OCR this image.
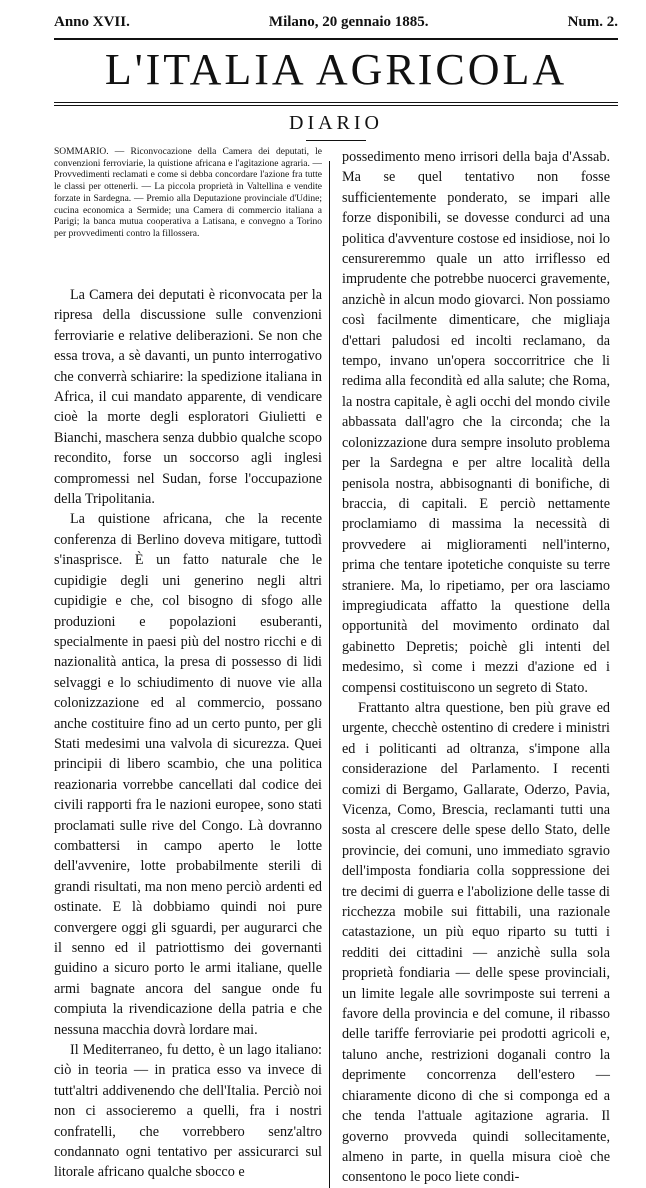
Anno XVII.	Milano, 20 gennaio 1885.	Num. 2.
L'ITALIA AGRICOLA
DIARIO

SOMMARIO. — Riconvocazione della Camera dei deputati, le convenzioni ferroviarie, la quistione africana e l'agitazione agraria. — Provvedimenti reclamati e come si debba concordare l'azione fra tutte le classi per ottenerli. — La piccola proprietà in Valtellina e vendite forzate in Sardegna. — Premio alla Deputazione provinciale d'Udine; cucina economica a Sermide; una Camera di commercio italiana a Parigi; la banca mutua cooperativa a Latisana, e convegno a Torino per provvedimenti contro la fillossera.

La Camera dei deputati è riconvocata per la ripresa della discussione sulle convenzioni ferroviarie e relative deliberazioni. Se non che essa trova, a sè davanti, un punto interrogativo che converrà schiarire: la spedizione italiana in Africa, il cui mandato apparente, di vendicare cioè la morte degli esploratori Giulietti e Bianchi, maschera senza dubbio qualche scopo recondito, forse un soccorso agli inglesi compromessi nel Sudan, forse l'occupazione della Tripolitania.

La quistione africana, che la recente conferenza di Berlino doveva mitigare, tuttodì s'inasprisce. È un fatto naturale che le cupidigie degli uni generino negli altri cupidigie e che, col bisogno di sfogo alle produzioni e popolazioni esuberanti, specialmente in paesi più del nostro ricchi e di nazionalità antica, la presa di possesso di lidi selvaggi e lo schiudimento di nuove vie alla colonizzazione ed al commercio, possano anche costituire fino ad un certo punto, per gli Stati medesimi una valvola di sicurezza. Quei principii di libero scambio, che una politica reazionaria vorrebbe cancellati dal codice dei civili rapporti fra le nazioni europee, sono stati proclamati sulle rive del Congo. Là dovranno combattersi in campo aperto le lotte dell'avvenire, lotte probabilmente sterili di grandi risultati, ma non meno perciò ardenti ed ostinate. E là dobbiamo quindi noi pure convergere oggi gli sguardi, per augurarci che il senno ed il patriottismo dei governanti guidino a sicuro porto le armi italiane, quelle armi bagnate ancora del sangue onde fu compiuta la rivendicazione della patria e che nessuna macchia dovrà lordare mai.

Il Mediterraneo, fu detto, è un lago italiano: ciò in teoria — in pratica esso va invece di tutt'altri addivenendo che dell'Italia. Perciò noi non ci associeremo a quelli, fra i nostri confratelli, che vorrebbero senz'altro condannato ogni tentativo per assicurarci sul litorale africano qualche sbocco e

possedimento meno irrisori della baja d'Assab. Ma se quel tentativo non fosse sufficientemente ponderato, se impari alle forze disponibili, se dovesse condurci ad una politica d'avventure costose ed insidiose, noi lo censureremmo quale un atto irriflesso ed imprudente che potrebbe nuocerci gravemente, anzichè in alcun modo giovarci. Non possiamo così facilmente dimenticare, che migliaja d'ettari paludosi ed incolti reclamano, da tempo, invano un'opera soccorritrice che li redima alla fecondità ed alla salute; che Roma, la nostra capitale, è agli occhi del mondo civile abbassata dall'agro che la circonda; che la colonizzazione dura sempre insoluto problema per la Sardegna e per altre località della penisola nostra, abbisognanti di bonifiche, di braccia, di capitali. E perciò nettamente proclamiamo di massima la necessità di provvedere ai miglioramenti nell'interno, prima che tentare ipotetiche conquiste su terre straniere. Ma, lo ripetiamo, per ora lasciamo impregiudicata affatto la questione della opportunità del movimento ordinato dal gabinetto Depretis; poichè gli intenti del medesimo, sì come i mezzi d'azione ed i compensi costituiscono un segreto di Stato.

Frattanto altra questione, ben più grave ed urgente, checchè ostentino di credere i ministri ed i politicanti ad oltranza, s'impone alla considerazione del Parlamento. I recenti comizi di Bergamo, Gallarate, Oderzo, Pavia, Vicenza, Como, Brescia, reclamanti tutti una sosta al crescere delle spese dello Stato, delle provincie, dei comuni, uno immediato sgravio dell'imposta fondiaria colla soppressione dei tre decimi di guerra e l'abolizione delle tasse di ricchezza mobile sui fittabili, una razionale catastazione, un più equo riparto su tutti i redditi dei cittadini — anzichè sulla sola proprietà fondiaria — delle spese provinciali, un limite legale alle sovrimposte sui terreni a favore della provincia e del comune, il ribasso delle tariffe ferroviarie pei prodotti agricoli e, taluno anche, restrizioni doganali contro la deprimente concorrenza dell'estero — chiaramente dicono di che si componga ed a che tenda l'attuale agitazione agraria. Il governo provveda quindi sollecitamente, almeno in parte, in quella misura cioè che consentono le poco liete condi-
